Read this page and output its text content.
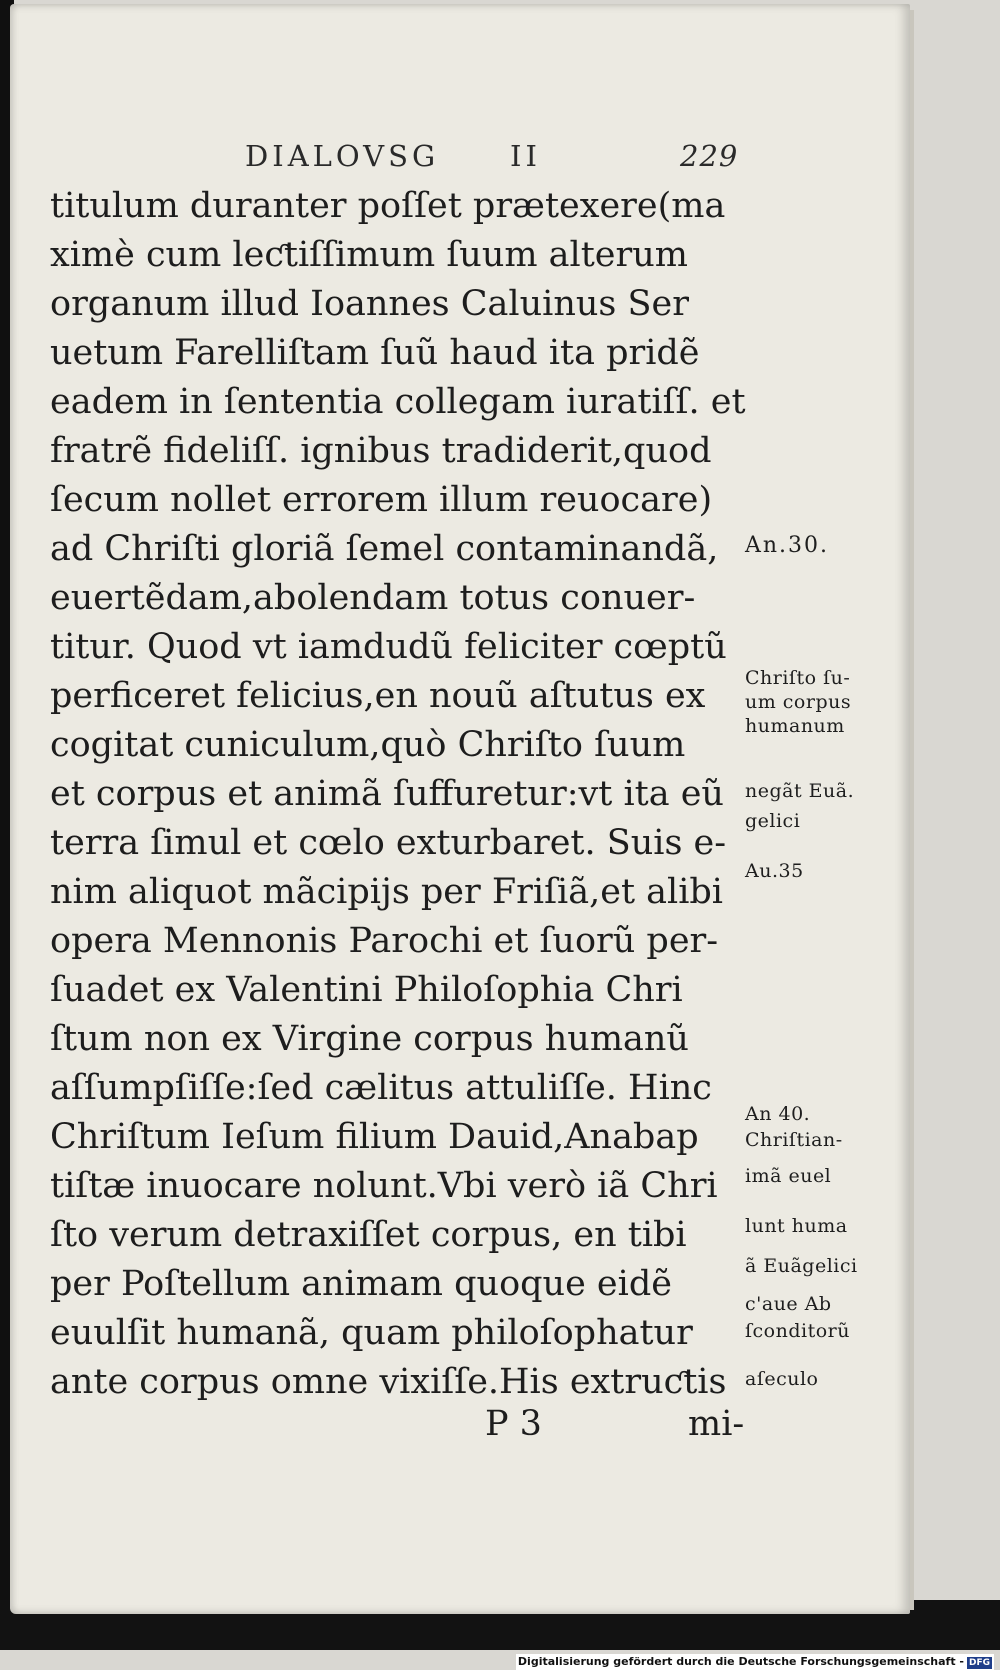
DIALOVSG II	229
titulum duranter poſſet prætexere(ma
ximè cum leƈtiſſimum ſuum alterum
organum illud Ioannes Caluinus Ser
uetum Farelliſtam ſuũ haud ita pridẽ
eadem in ſententia collegam iuratiſſ. et
fratrẽ fideliſſ. ignibus tradiderit,quod
ſecum nollet errorem illum reuocare)
ad Chriſti gloriã ſemel contaminandã,
euertẽdam,abolendam totus conuer-
titur. Quod vt iamdudũ feliciter cœptũ
perficeret felicius,en nouũ aſtutus ex
cogitat cuniculum,quò Chriſto ſuum
et corpus et animã ſuffuretur:vt ita eũ
terra ſimul et cœlo exturbaret. Suis e-
nim aliquot mãcipijs per Friſiã,et alibi
opera Mennonis Parochi et ſuorũ per-
ſuadet ex Valentini Philoſophia Chri
ſtum non ex Virgine corpus humanũ
aſſumpſiſſe:ſed cælitus attuliſſe. Hinc
Chriſtum Ieſum filium Dauid,Anabap
tiſtæ inuocare nolunt.Vbi verò iã Chri
ſto verum detraxiſſet corpus, en tibi
per Poſtellum animam quoque eidẽ
euulſit humanã, quam philoſophatur
ante corpus omne vixiſſe.His extruƈtis
An.30.
Chriſto ſu-
um corpus
humanum
negãt Euã.
gelici
Au.35
An 40.
Chriſtian-
imã euel
lunt huma
ã Euãgelici
c'aue Ab
ſconditorũ
aſeculo
P 3	mi-
Digitalisierung gefördert durch die Deutsche Forschungsgemeinschaft - DFG
